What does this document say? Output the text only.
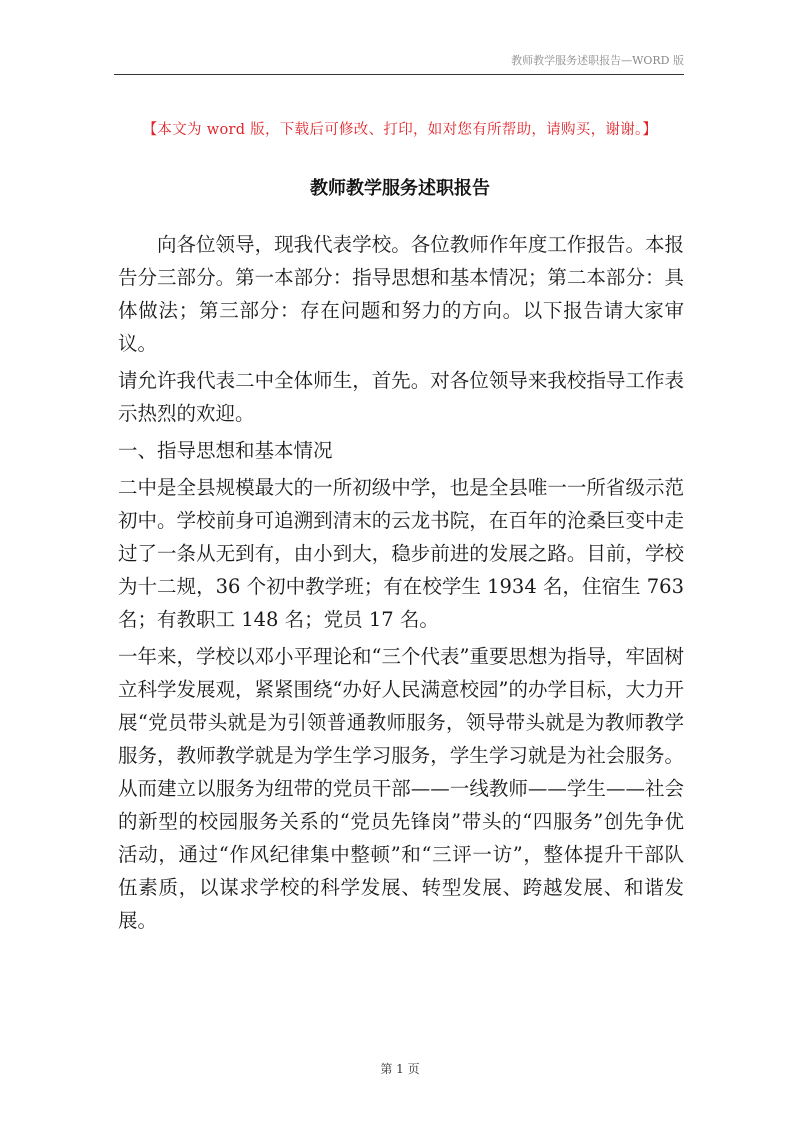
教师教学服务述职报告—WORD 版
【本文为 word 版，下载后可修改、打印，如对您有所帮助，请购买，谢谢。】
教师教学服务述职报告

向各位领导，现我代表学校。各位教师作年度工作报告。本报告分三部分。第一本部分：指导思想和基本情况；第二本部分：具体做法；第三部分：存在问题和努力的方向。以下报告请大家审议。

请允许我代表二中全体师生，首先。对各位领导来我校指导工作表示热烈的欢迎。

一、指导思想和基本情况

二中是全县规模最大的一所初级中学，也是全县唯一一所省级示范初中。学校前身可追溯到清末的云龙书院，在百年的沧桑巨变中走过了一条从无到有，由小到大，稳步前进的发展之路。目前，学校为十二规，36 个初中教学班；有在校学生 1934 名，住宿生 763 名；有教职工 148 名；党员 17 名。

一年来，学校以邓小平理论和“三个代表”重要思想为指导，牢固树立科学发展观，紧紧围绕“办好人民满意校园”的办学目标，大力开展“党员带头就是为引领普通教师服务，领导带头就是为教师教学服务，教师教学就是为学生学习服务，学生学习就是为社会服务。从而建立以服务为纽带的党员干部——一线教师——学生——社会的新型的校园服务关系的“党员先锋岗”带头的“四服务”创先争优活动，通过“作风纪律集中整顿”和“三评一访”，整体提升干部队伍素质，以谋求学校的科学发展、转型发展、跨越发展、和谐发展。

第 1 页
